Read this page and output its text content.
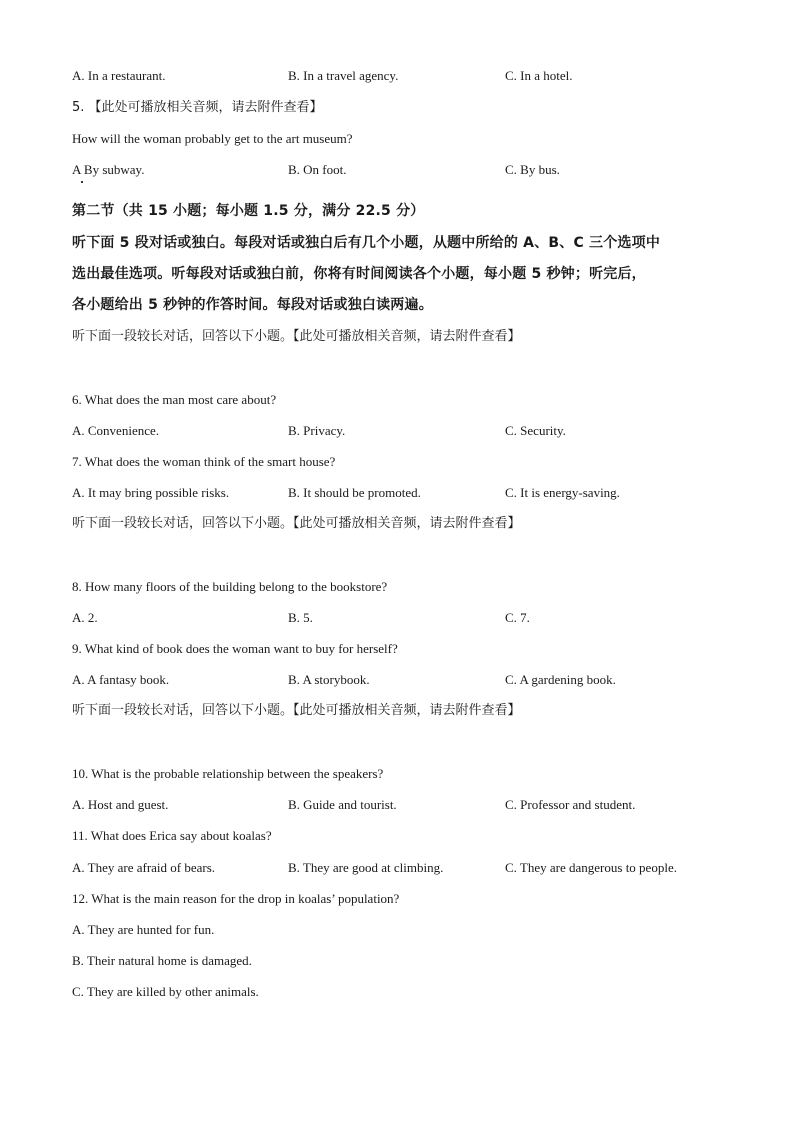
A. In a restaurant.	B. In a travel agency.	C. In a hotel.
5. 【此处可播放相关音频，请去附件查看】
How will the woman probably get to the art museum?
A By subway.	B. On foot.	C. By bus.
第二节（共 15 小题；每小题 1.5 分，满分 22.5 分）
听下面 5 段对话或独白。每段对话或独白后有几个小题，从题中所给的 A、B、C 三个选项中
选出最佳选项。听每段对话或独白前，你将有时间阅读各个小题，每小题 5 秒钟；听完后，
各小题给出 5 秒钟的作答时间。每段对话或独白读两遍。
听下面一段较长对话，回答以下小题。【此处可播放相关音频，请去附件查看】
6. What does the man most care about?
A. Convenience.	B. Privacy.	C. Security.
7. What does the woman think of the smart house?
A. It may bring possible risks.	B. It should be promoted.	C. It is energy-saving.
听下面一段较长对话，回答以下小题。【此处可播放相关音频，请去附件查看】
8. How many floors of the building belong to the bookstore?
A. 2.	B. 5.	C. 7.
9. What kind of book does the woman want to buy for herself?
A. A fantasy book.	B. A storybook.	C. A gardening book.
听下面一段较长对话，回答以下小题。【此处可播放相关音频，请去附件查看】
10. What is the probable relationship between the speakers?
A. Host and guest.	B. Guide and tourist.	C. Professor and student.
11. What does Erica say about koalas?
A. They are afraid of bears.	B. They are good at climbing.	C. They are dangerous to people.
12. What is the main reason for the drop in koalas’ population?
A. They are hunted for fun.
B. Their natural home is damaged.
C. They are killed by other animals.
